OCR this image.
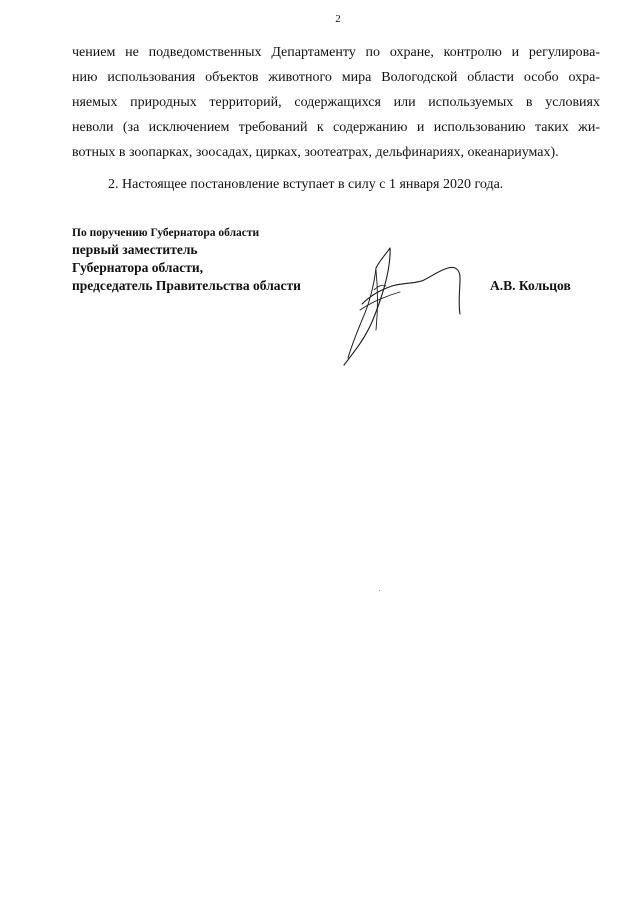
2
чением не подведомственных Департаменту по охране, контролю и регулирова-
нию использования объектов животного мира Вологодской области особо охра-
няемых природных территорий, содержащихся или используемых в условиях
неволи (за исключением требований к содержанию и использованию таких жи-
вотных в зоопарках, зоосадах, цирках, зоотеатрах, дельфинариях, океанариумах).
2. Настоящее постановление вступает в силу с 1 января 2020 года.
По поручению Губернатора области
первый заместитель
Губернатора области,
председатель Правительства области	А.В. Кольцов
